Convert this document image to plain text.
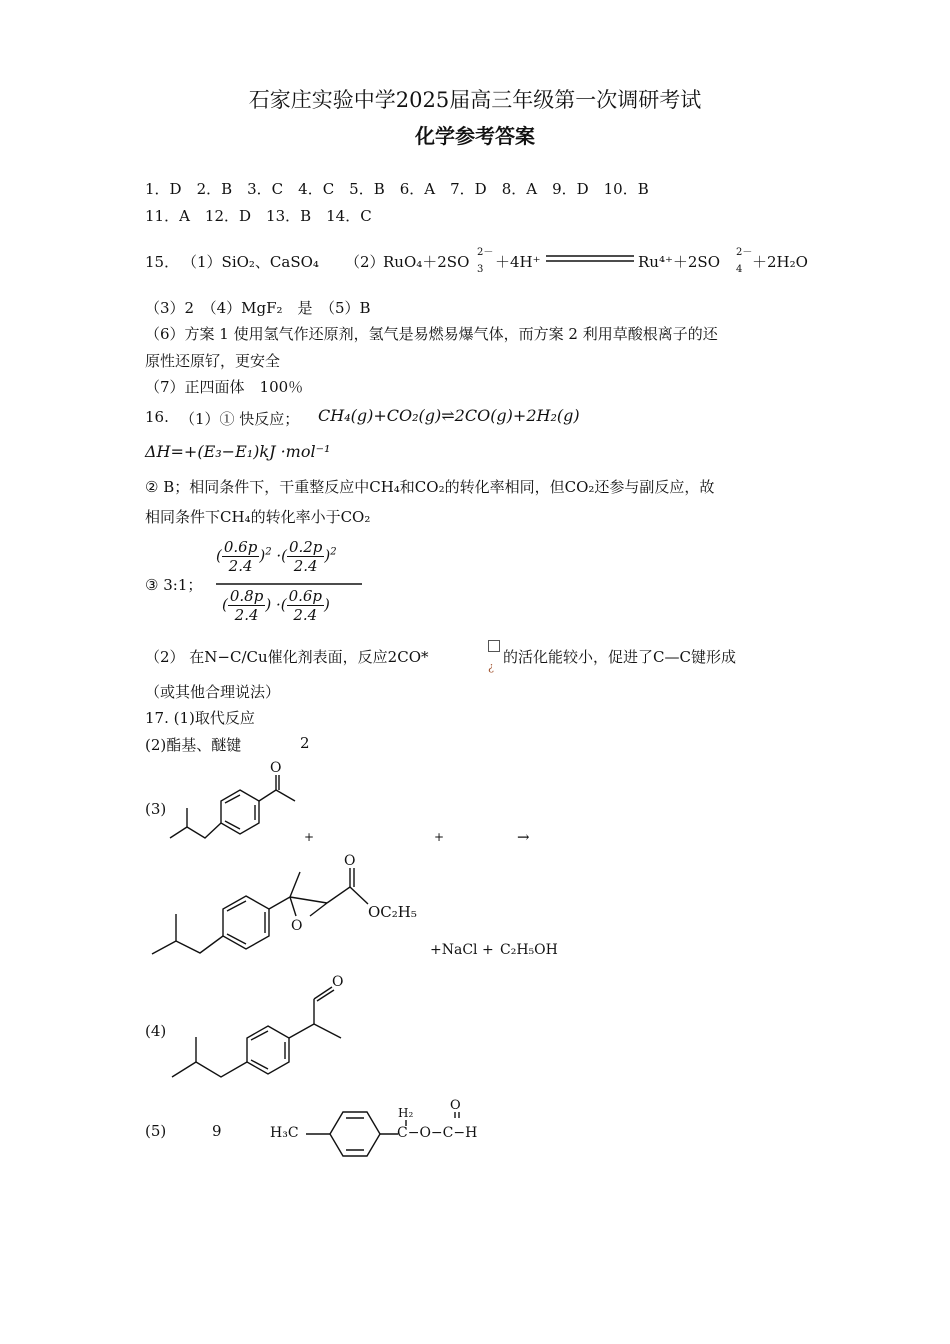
石家庄实验中学2025届高三年级第一次调研考试
化学参考答案
1．D　2．B　3．C　4．C　5．B　6．A　7．D　8．A　9．D　10．B
11．A　12．D　13．B　14．C
15． （1）SiO₂、CaSO₄ （2）
RuO₄＋2SO
2－
3 ＋4H⁺	Ru⁴⁺＋2SO
2－
4 ＋2H₂O
（3）2　（4）MgF₂　是　（5）B
（6）方案 1 使用氢气作还原剂，氢气是易燃易爆气体，而方案 2 利用草酸根离子的还
原性还原钌，更安全
（7）正四面体　100％
16. （1）① 快反应； CH₄(g)+CO₂(g)⇌2CO(g)+2H₂(g)
ΔH=+(E₃−E₁)kJ ·mol⁻¹
② B；相同条件下，干重整反应中CH₄和CO₂的转化率相同，但CO₂还参与副反应，故
相同条件下CH₄的转化率小于CO₂
③ 3:1；
( $\frac{0.6p}{2.4} )^2$ ·( $\frac{0.2p}{2.4} )^2$
( $\frac{0.8p}{2.4}$ ) ·( $\frac{0.6p}{2.4}$ )
（2） 在N−C/Cu催化剂表面，反应2CO*
¿
的活化能较小，促进了C—C键形成
（或其他合理说法）
17. (1)取代反应
(2)酯基、醚键	2
(3)
O
+	+	→
O
O
OC₂H₅
+NaCl + C₂H₅OH
(4)
O
(5)	9	H₃C
H₂	O
C−O−C−H
